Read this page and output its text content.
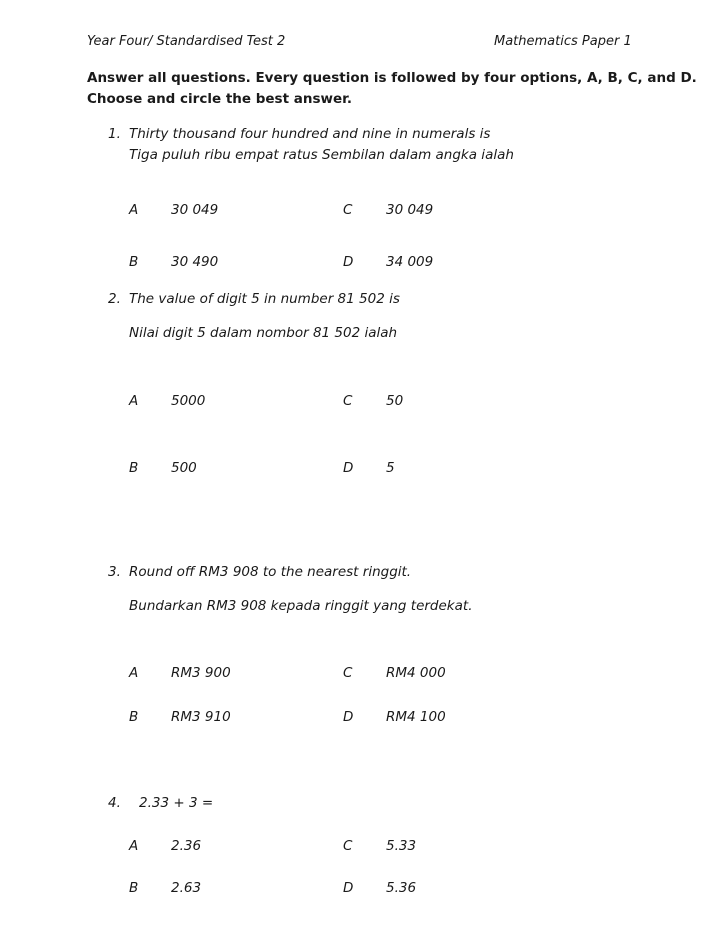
Year Four/ Standardised Test 2	Mathematics Paper 1
Answer all questions. Every question is followed by four options, A, B, C, and D.
Choose and circle the best answer.
1. Thirty thousand four hundred and nine in numerals is
Tiga puluh ribu empat ratus Sembilan dalam angka ialah
A 30 049	C 30 049
B 30 490	D 34 009
2. The value of digit 5 in number 81 502 is
Nilai digit 5 dalam nombor 81 502 ialah
A 5000	C 50
B 500	D 5
3. Round off RM3 908 to the nearest ringgit.
Bundarkan RM3 908 kepada ringgit yang terdekat.
A RM3 900	C RM4 000
B RM3 910	D RM4 100
4. 2.33 + 3 =
A 2.36	C 5.33
B 2.63	D 5.36
